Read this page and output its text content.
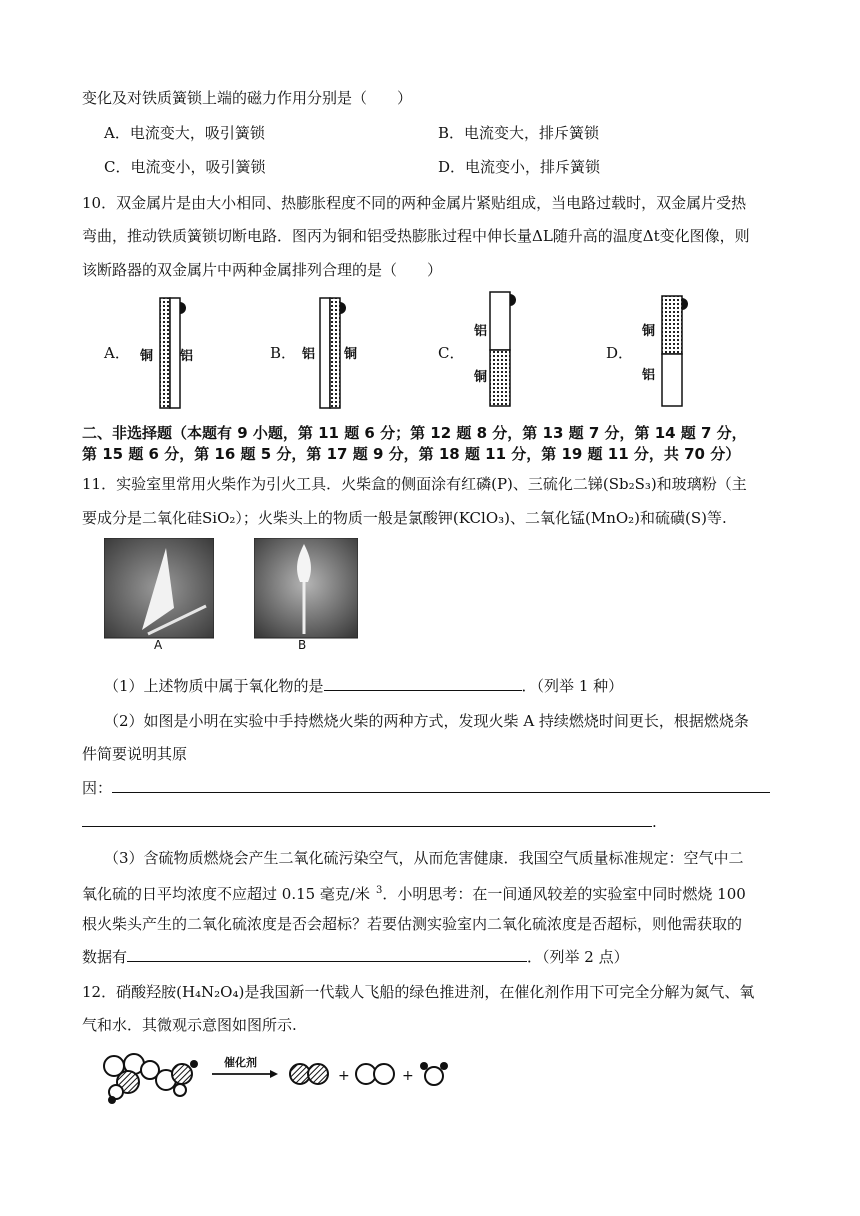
变化及对铁质簧锁上端的磁力作用分别是（　　）
A．电流变大，吸引簧锁	B．电流变大，排斥簧锁
C．电流变小，吸引簧锁	D．电流变小，排斥簧锁
10．双金属片是由大小相同、热膨胀程度不同的两种金属片紧贴组成，当电路过载时，双金属片受热
弯曲，推动铁质簧锁切断电路．图丙为铜和铝受热膨胀过程中伸长量ΔL随升高的温度Δt变化图像，则
该断路器的双金属片中两种金属排列合理的是（　　）
A． 铜 铝	B． 铝 铜	C．
铝
铜
D．
铜
铝
二、非选择题（本题有 9 小题，第 11 题 6 分；第 12 题 8 分，第 13 题 7 分，第 14 题 7 分，
第 15 题 6 分，第 16 题 5 分，第 17 题 9 分，第 18 题 11 分，第 19 题 11 分，共 70 分）
11．实验室里常用火柴作为引火工具．火柴盒的侧面涂有红磷(P)、三硫化二锑(Sb₂S₃)和玻璃粉（主
要成分是二氧化硅SiO₂）；火柴头上的物质一般是氯酸钾(KClO₃)、二氧化锰(MnO₂)和硫磺(S)等.
A	B
（1）上述物质中属于氧化物的是	．（列举 1 种）
（2）如图是小明在实验中手持燃烧火柴的两种方式，发现火柴 A 持续燃烧时间更长，根据燃烧条
件简要说明其原
因：
.
（3）含硫物质燃烧会产生二氧化硫污染空气，从而危害健康．我国空气质量标准规定：空气中二
氧化硫的日平均浓度不应超过 0.15 毫克/米 $^3$．小明思考：在一间通风较差的实验室中同时燃烧 100
根火柴头产生的二氧化硫浓度是否会超标？若要估测实验室内二氧化硫浓度是否超标，则他需获取的
数据有	．（列举 2 点）
12．硝酸羟胺(H₄N₂O₄)是我国新一代载人飞船的绿色推进剂，在催化剂作用下可完全分解为氮气、氧
气和水．其微观示意图如图所示.
催化剂
+	+
